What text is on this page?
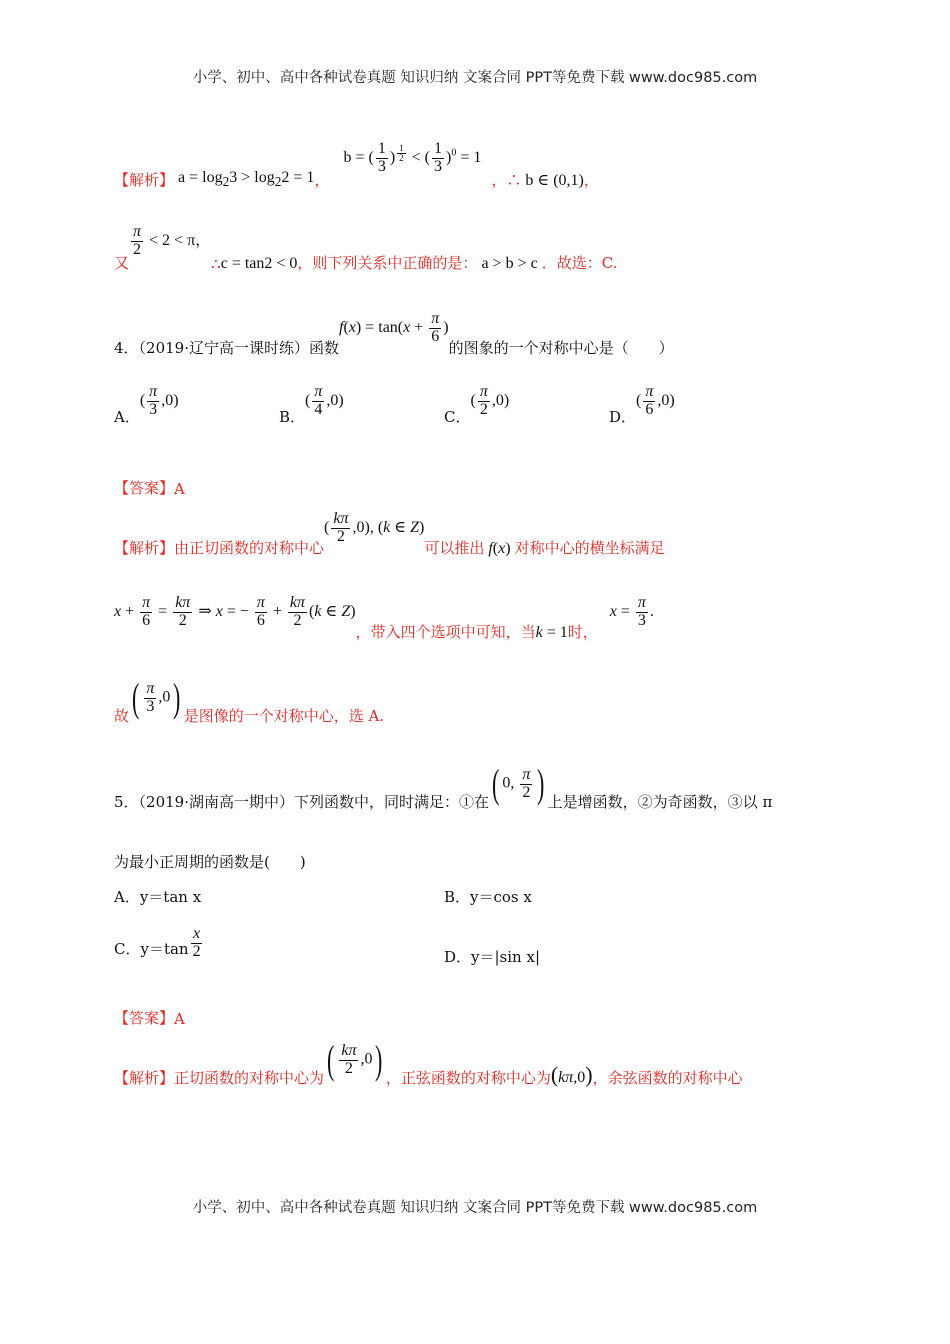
小学、初中、高中各种试卷真题 知识归纳 文案合同 PPT等免费下载 www.doc985.com
【解析】 $a = \log_23 > \log_22 = 1$ ，
b = ( $\frac{1}{3}$ ) $^{\frac{1}{2}}$ < ( $\frac{1}{3} )^0 = 1$
，∴ b ∈ (0,1) ，
又
$\frac{\pi}{2} < 2 < \pi$，
∴ c = tan2 < 0 ，则下列关系中正确的是： a > b > c ．故选：C.
4．（2019·辽宁高一课时练）函数
$f(x) = \tan(x + \frac{\pi}{6}$ )
的图象的一个对称中心是（　　）
A．
( $\frac{\pi}{3} ,0$)
B．
( $\frac{\pi}{4} ,0$)
C．
( $\frac{\pi}{2} ,0$)
D．
( $\frac{\pi}{6} ,0$)
【答案】 A
【解析】 由正切函数的对称中心
( $\frac{k\pi}{2} ,0$), (k ∈ Z)
可以推出 f(x) 对称中心的横坐标满足
$x + \frac{\pi}{6} = \frac{k\pi}{2}$ ⇒ x = − $\frac{\pi}{6} + \frac{k\pi}{2} (k$ ∈ Z)
，带入四个选项中可知，当 k = 1 时，
$x = \frac{\pi}{3}$ .
故 ( $\frac{\pi}{3} ,0$) 是图像的一个对称中心，选 A.
5．（2019·湖南高一期中）下列函数中，同时满足：①在 ( 0, $\frac{\pi}{2}$ ) 上是增函数，②为奇函数，③以 π
为最小正周期的函数是(　　)
A．y＝tan x	B．y＝cos x
C．$y=\tan \frac{x}{2}$	D．y＝|sin x|
【答案】 A
【解析】 正切函数的对称中心为 ( $\frac{k\pi}{2} ,0$) ，正弦函数的对称中心为 (kπ,0) ，余弦函数的对称中心
小学、初中、高中各种试卷真题 知识归纳 文案合同 PPT等免费下载 www.doc985.com
